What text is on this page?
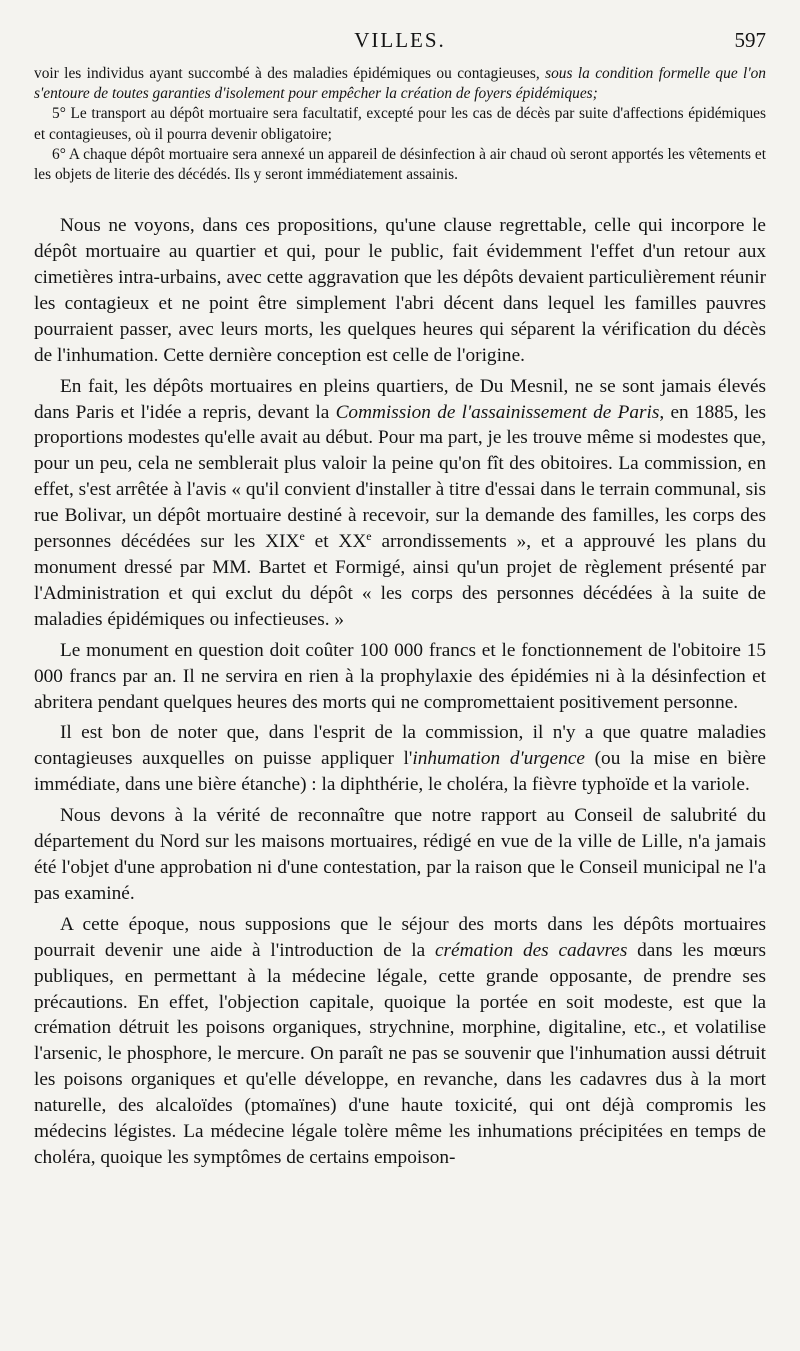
VILLES.	597

voir les individus ayant succombé à des maladies épidémiques ou contagieuses, sous la condition formelle que l'on s'entoure de toutes garanties d'isolement pour empêcher la création de foyers épidémiques;

5° Le transport au dépôt mortuaire sera facultatif, excepté pour les cas de décès par suite d'affections épidémiques et contagieuses, où il pourra devenir obligatoire;

6° A chaque dépôt mortuaire sera annexé un appareil de désinfection à air chaud où seront apportés les vêtements et les objets de literie des décédés. Ils y seront immédiatement assainis.

Nous ne voyons, dans ces propositions, qu'une clause regrettable, celle qui incorpore le dépôt mortuaire au quartier et qui, pour le public, fait évidemment l'effet d'un retour aux cimetières intra-urbains, avec cette aggravation que les dépôts devaient particulièrement réunir les contagieux et ne point être simplement l'abri décent dans lequel les familles pauvres pourraient passer, avec leurs morts, les quelques heures qui séparent la vérification du décès de l'inhumation. Cette dernière conception est celle de l'origine.

En fait, les dépôts mortuaires en pleins quartiers, de Du Mesnil, ne se sont jamais élevés dans Paris et l'idée a repris, devant la Commission de l'assainissement de Paris, en 1885, les proportions modestes qu'elle avait au début. Pour ma part, je les trouve même si modestes que, pour un peu, cela ne semblerait plus valoir la peine qu'on fît des obitoires. La commission, en effet, s'est arrêtée à l'avis « qu'il convient d'installer à titre d'essai dans le terrain communal, sis rue Bolivar, un dépôt mortuaire destiné à recevoir, sur la demande des familles, les corps des personnes décédées sur les XIXe et XXe arrondissements », et a approuvé les plans du monument dressé par MM. Bartet et Formigé, ainsi qu'un projet de règlement présenté par l'Administration et qui exclut du dépôt « les corps des personnes décédées à la suite de maladies épidémiques ou infectieuses. »

Le monument en question doit coûter 100 000 francs et le fonctionnement de l'obitoire 15 000 francs par an. Il ne servira en rien à la prophylaxie des épidémies ni à la désinfection et abritera pendant quelques heures des morts qui ne compromettaient positivement personne.

Il est bon de noter que, dans l'esprit de la commission, il n'y a que quatre maladies contagieuses auxquelles on puisse appliquer l'inhumation d'urgence (ou la mise en bière immédiate, dans une bière étanche) : la diphthérie, le choléra, la fièvre typhoïde et la variole.

Nous devons à la vérité de reconnaître que notre rapport au Conseil de salubrité du département du Nord sur les maisons mortuaires, rédigé en vue de la ville de Lille, n'a jamais été l'objet d'une approbation ni d'une contestation, par la raison que le Conseil municipal ne l'a pas examiné.

A cette époque, nous supposions que le séjour des morts dans les dépôts mortuaires pourrait devenir une aide à l'introduction de la crémation des cadavres dans les mœurs publiques, en permettant à la médecine légale, cette grande opposante, de prendre ses précautions. En effet, l'objection capitale, quoique la portée en soit modeste, est que la crémation détruit les poisons organiques, strychnine, morphine, digitaline, etc., et volatilise l'arsenic, le phosphore, le mercure. On paraît ne pas se souvenir que l'inhumation aussi détruit les poisons organiques et qu'elle développe, en revanche, dans les cadavres dus à la mort naturelle, des alcaloïdes (ptomaïnes) d'une haute toxicité, qui ont déjà compromis les médecins légistes. La médecine légale tolère même les inhumations précipitées en temps de choléra, quoique les symptômes de certains empoison-
